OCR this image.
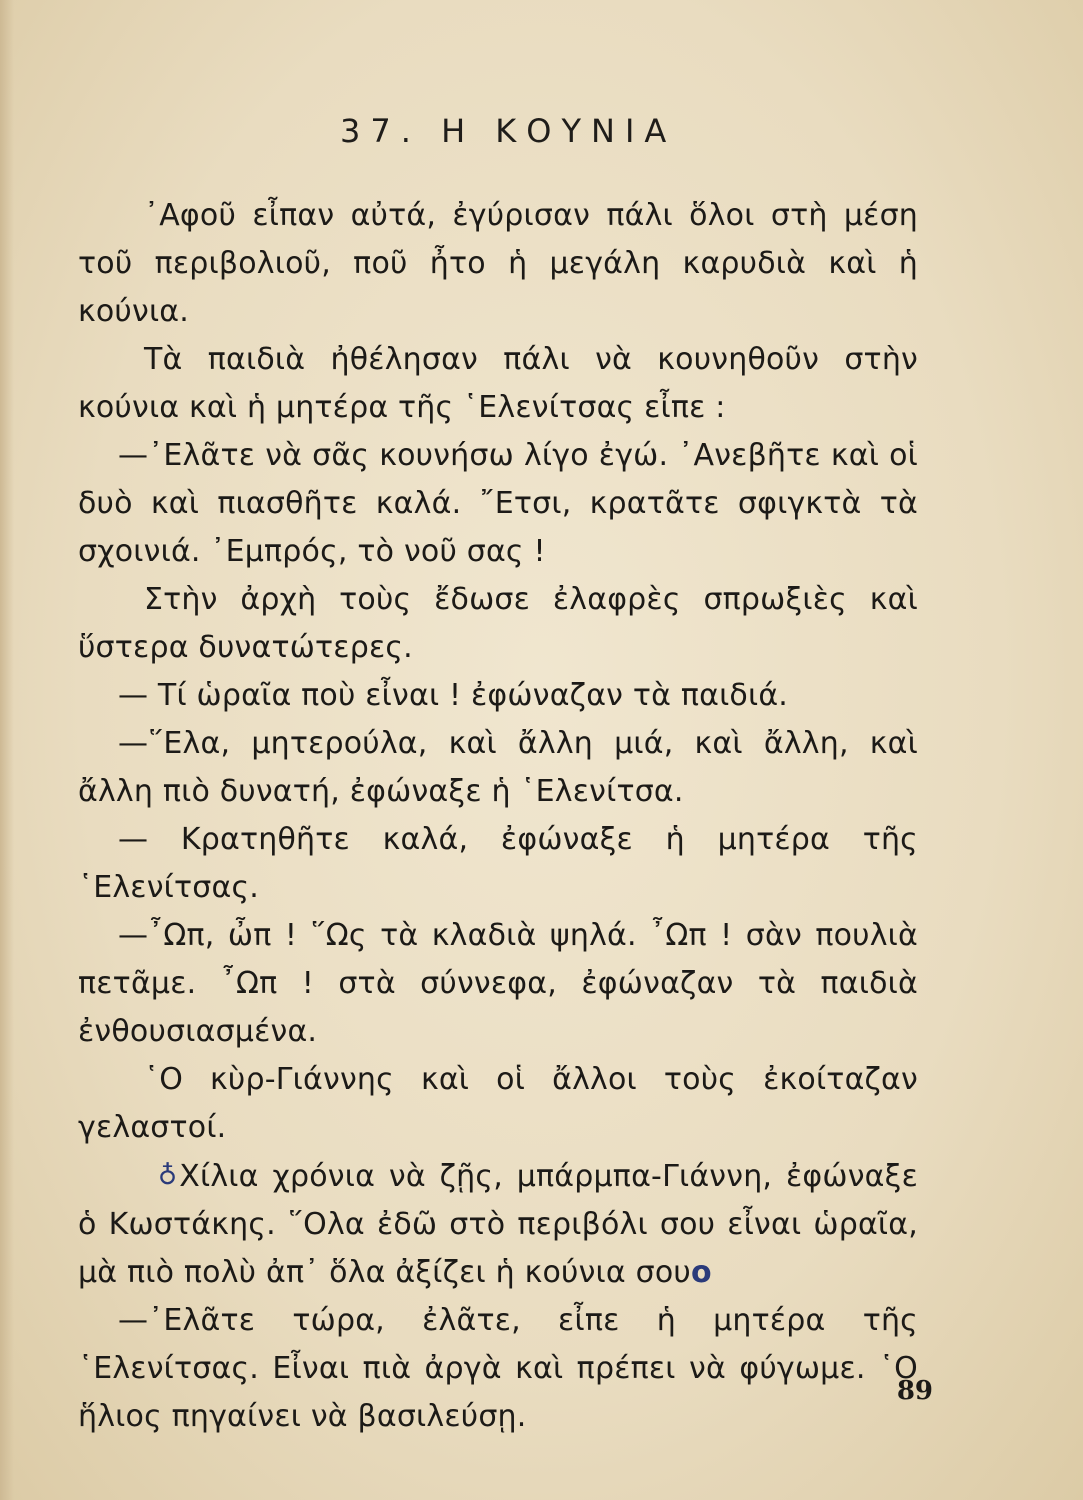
37. Η ΚΟΥΝΙΑ

᾿Αφοῦ εἶπαν αὐτά, ἐγύρισαν πάλι ὅλοι στὴ μέση τοῦ περιβολιοῦ, ποῦ ἦτο ἡ μεγάλη καρυδιὰ καὶ ἡ κούνια.

Τὰ παιδιὰ ἠθέλησαν πάλι νὰ κουνηθοῦν στὴν κούνια καὶ ἡ μητέρα τῆς ῾Ελενίτσας εἶπε :

—᾿Ελᾶτε νὰ σᾶς κουνήσω λίγο ἐγώ. ᾿Ανεβῆτε καὶ οἱ δυὸ καὶ πιασθῆτε καλά. ῎Ετσι, κρατᾶτε σφιγκτὰ τὰ σχοινιά. ᾿Εμπρός, τὸ νοῦ σας !

Στὴν ἀρχὴ τοὺς ἔδωσε ἐλαφρὲς σπρωξιὲς καὶ ὕστερα δυνατώτερες.

— Τί ὡραῖα ποὺ εἶναι ! ἐφώναζαν τὰ παιδιά.

—῞Ελα, μητερούλα, καὶ ἄλλη μιά, καὶ ἄλλη, καὶ ἄλλη πιὸ δυνατή, ἐφώναξε ἡ ῾Ελενίτσα.

— Κρατηθῆτε καλά, ἐφώναξε ἡ μητέρα τῆς ῾Ελενίτσας.

—῏Ωπ, ὦπ ! ῞Ως τὰ κλαδιὰ ψηλά. ῏Ωπ ! σὰν πουλιὰ πετᾶμε. ῏Ωπ ! στὰ σύννεφα, ἐφώναζαν τὰ παιδιὰ ἐνθουσιασμένα.

῾Ο κὺρ-Γιάννης καὶ οἱ ἄλλοι τοὺς ἐκοίταζαν γελαστοί.

♁Χίλια χρόνια νὰ ζῇς, μπάρμπα-Γιάννη, ἐφώναξε ὁ Κωστάκης. ῞Ολα ἐδῶ στὸ περιβόλι σου εἶναι ὡραῖα, μὰ πιὸ πολὺ ἀπ᾿ ὅλα ἀξίζει ἡ κούνια σουo

—᾿Ελᾶτε τώρα, ἐλᾶτε, εἶπε ἡ μητέρα τῆς ῾Ελενίτσας. Εἶναι πιὰ ἀργὰ καὶ πρέπει νὰ φύγωμε. ῾Ο ἥλιος πηγαίνει νὰ βασιλεύσῃ.

89
